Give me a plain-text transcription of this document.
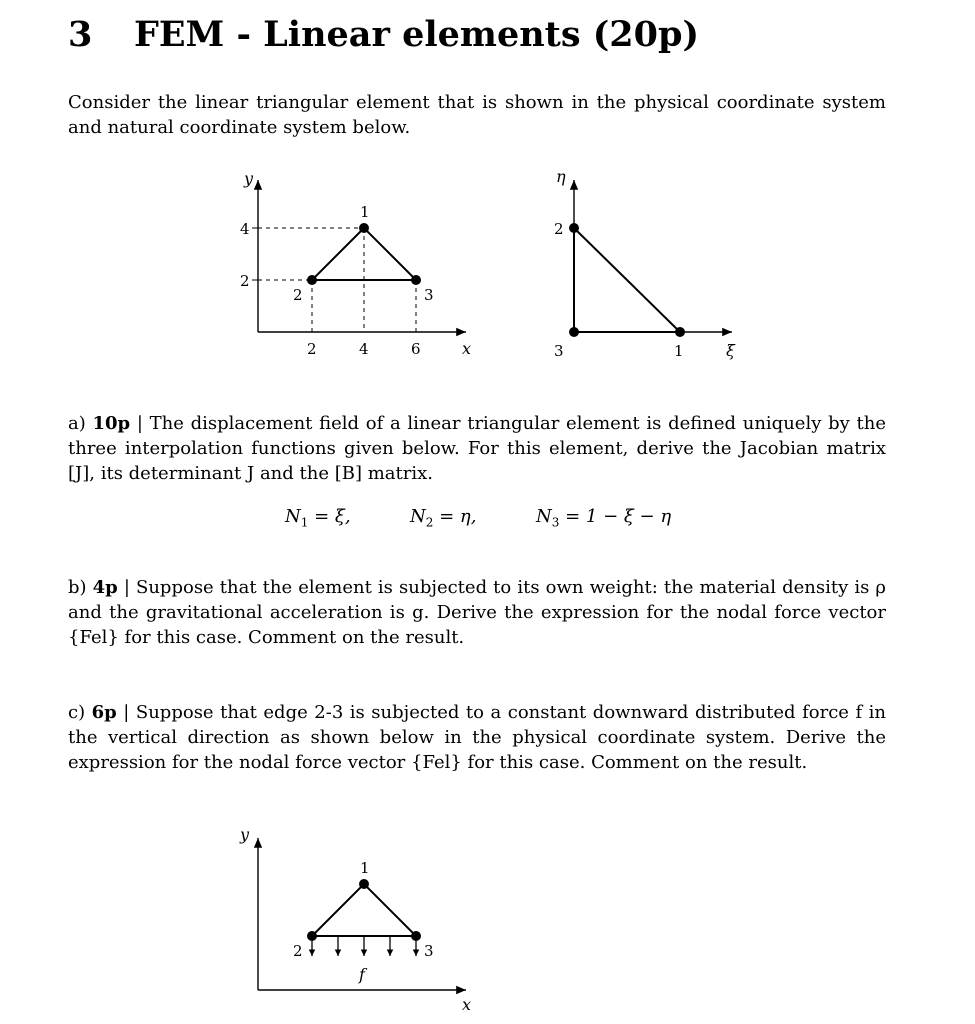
3 FEM - Linear elements (20p)
Consider the linear triangular element that is shown in the physical coordinate system and natural coordinate system below.
y
x
4
2
2	4	6
1
2	3
η
ξ
2
3	1
a) 10p | The displacement field of a linear triangular element is defined uniquely by the three interpolation functions given below. For this element, derive the Jacobian matrix [J], its determinant J and the [B] matrix.
$N_1 = \xi$,	$N_2 = \eta$,	$N_3 = 1 - \xi - \eta$
b) 4p | Suppose that the element is subjected to its own weight: the material density is ρ and the gravitational acceleration is g. Derive the expression for the nodal force vector {Fel} for this case. Comment on the result.
c) 6p | Suppose that edge 2-3 is subjected to a constant downward distributed force f in the vertical direction as shown below in the physical coordinate system. Derive the expression for the nodal force vector {Fel} for this case. Comment on the result.
y
x
1
2	3
f
